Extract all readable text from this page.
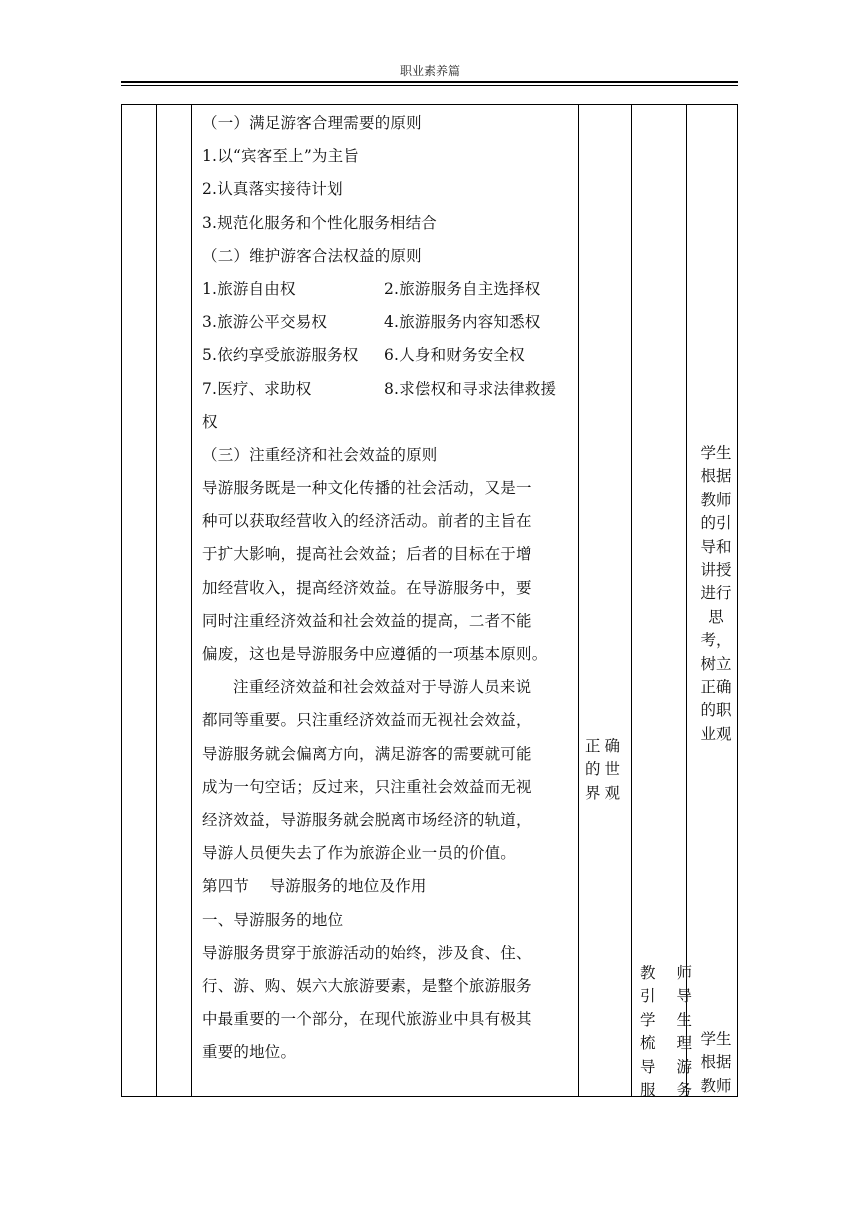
职业素养篇
（一）满足游客合理需要的原则
1.以“宾客至上”为主旨
2.认真落实接待计划
3.规范化服务和个性化服务相结合
（二）维护游客合法权益的原则
1.旅游自由权	2.旅游服务自主选择权
3.旅游公平交易权	4.旅游服务内容知悉权
5.依约享受旅游服务权	6.人身和财务安全权
7.医疗、求助权	8.求偿权和寻求法律救援
权
（三）注重经济和社会效益的原则
导游服务既是一种文化传播的社会活动，又是一
种可以获取经营收入的经济活动。前者的主旨在
于扩大影响，提高社会效益；后者的目标在于增
加经营收入，提高经济效益。在导游服务中，要
同时注重经济效益和社会效益的提高，二者不能
偏废，这也是导游服务中应遵循的一项基本原则。
注重经济效益和社会效益对于导游人员来说
都同等重要。只注重经济效益而无视社会效益，
导游服务就会偏离方向，满足游客的需要就可能
成为一句空话；反过来，只注重社会效益而无视
经济效益，导游服务就会脱离市场经济的轨道，
导游人员便失去了作为旅游企业一员的价值。
第四节    导游服务的地位及作用
一、导游服务的地位
导游服务贯穿于旅游活动的始终，涉及食、住、
行、游、购、娱六大旅游要素，是整个旅游服务
中最重要的一个部分，在现代旅游业中具有极其
重要的地位。
正确
的世
界观
教师
引导
学生
梳理
导游
服务
学生
根据
教师
的引
导和
讲授
进行
思
考，
树立
正确
的职
业观
学生
根据
教师
